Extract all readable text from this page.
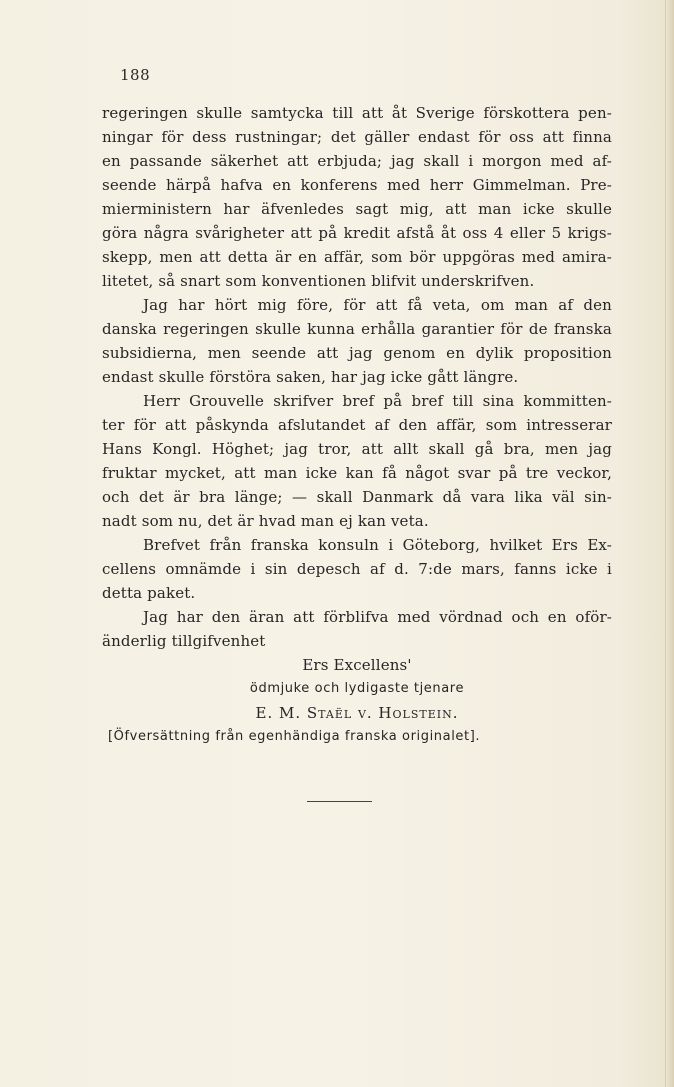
188
regeringen skulle samtycka till att åt Sverige förskottera pen-
ningar för dess rustningar; det gäller endast för oss att finna
en passande säkerhet att erbjuda; jag skall i morgon med af-
seende härpå hafva en konferens med herr Gimmelman. Pre-
mierministern har äfvenledes sagt mig, att man icke skulle
göra några svårigheter att på kredit afstå åt oss 4 eller 5 krigs-
skepp, men att detta är en affär, som bör uppgöras med amira-
litetet, så snart som konventionen blifvit underskrifven.
Jag har hört mig före, för att få veta, om man af den
danska regeringen skulle kunna erhålla garantier för de franska
subsidierna, men seende att jag genom en dylik proposition
endast skulle förstöra saken, har jag icke gått längre.
Herr Grouvelle skrifver bref på bref till sina kommitten-
ter för att påskynda afslutandet af den affär, som intresserar
Hans Kongl. Höghet; jag tror, att allt skall gå bra, men jag
fruktar mycket, att man icke kan få något svar på tre veckor,
och det är bra länge; — skall Danmark då vara lika väl sin-
nadt som nu, det är hvad man ej kan veta.
Brefvet från franska konsuln i Göteborg, hvilket Ers Ex-
cellens omnämde i sin depesch af d. 7:de mars, fanns icke i
detta paket.
Jag har den äran att förblifva med vördnad och en oför-
änderlig tillgifvenhet
Ers Excellens'
ödmjuke och lydigaste tjenare
E. M. Staël v. Holstein.
[Öfversättning från egenhändiga franska originalet].
